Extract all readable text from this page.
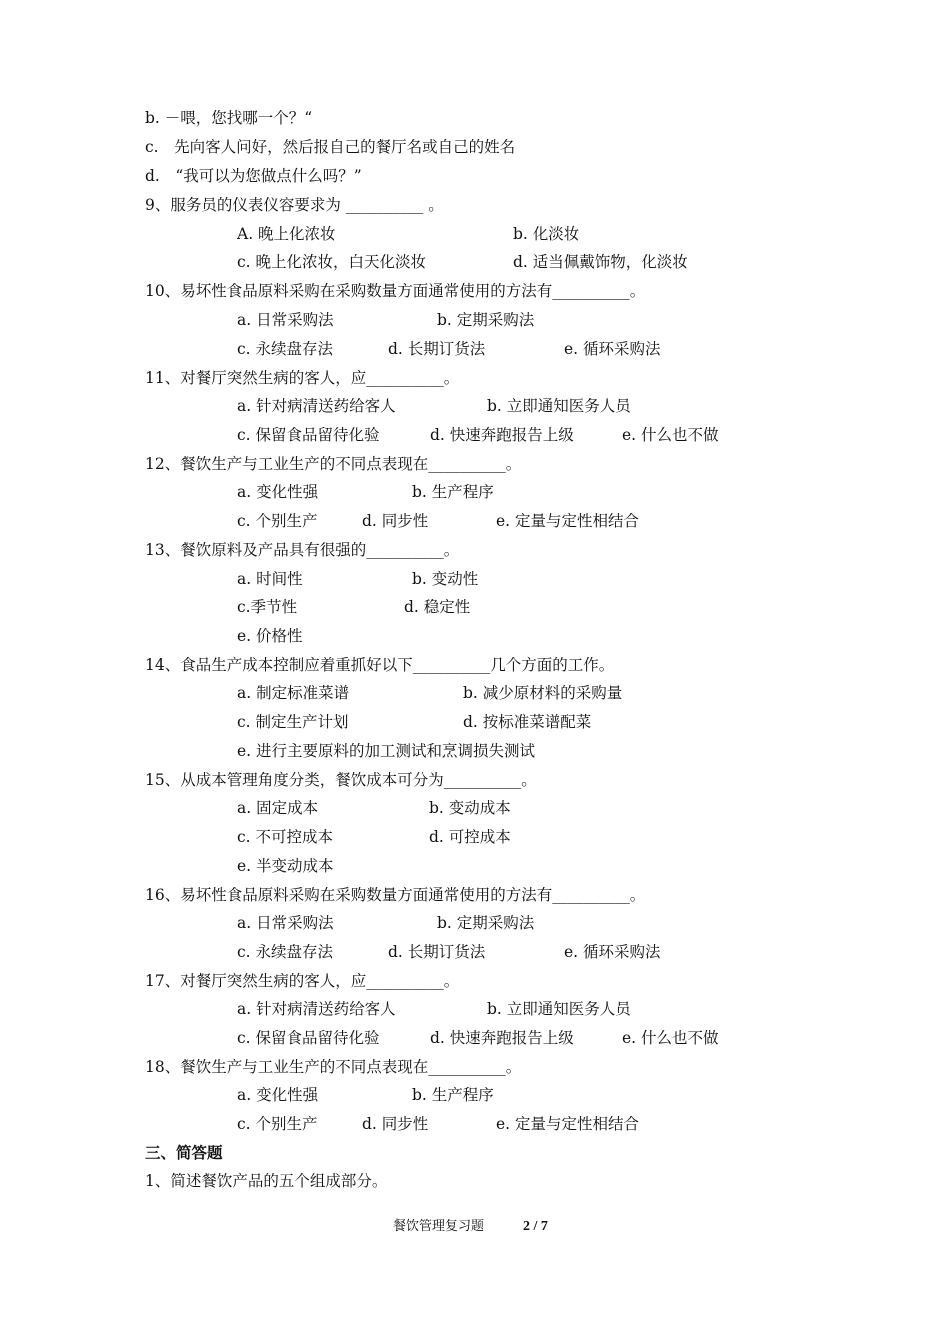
b. －喂，您找哪一个？“
c.　先向客人问好，然后报自己的餐厅名或自己的姓名
d.　“我可以为您做点什么吗？”
9、服务员的仪表仪容要求为 __________ 。
A. 晚上化浓妆	b. 化淡妆
c. 晚上化浓妆，白天化淡妆	d. 适当佩戴饰物，化淡妆
10、易坏性食品原料采购在采购数量方面通常使用的方法有__________。
a. 日常采购法	b. 定期采购法
c. 永续盘存法	d. 长期订货法	e. 循环采购法
11、对餐厅突然生病的客人，应__________。
a. 针对病清送药给客人	b. 立即通知医务人员
c. 保留食品留待化验	d. 快速奔跑报告上级	e. 什么也不做
12、餐饮生产与工业生产的不同点表现在__________。
a. 变化性强	b. 生产程序
c. 个别生产	d. 同步性	e. 定量与定性相结合
13、餐饮原料及产品具有很强的__________。
a. 时间性	b. 变动性
c.季节性	d. 稳定性
e. 价格性
14、食品生产成本控制应着重抓好以下__________几个方面的工作。
a. 制定标准菜谱	b. 减少原材料的采购量
c. 制定生产计划	d. 按标准菜谱配菜
e. 进行主要原料的加工测试和烹调损失测试
15、从成本管理角度分类，餐饮成本可分为__________。
a. 固定成本	b. 变动成本
c. 不可控成本	d. 可控成本
e. 半变动成本
16、易坏性食品原料采购在采购数量方面通常使用的方法有__________。
a. 日常采购法	b. 定期采购法
c. 永续盘存法	d. 长期订货法	e. 循环采购法
17、对餐厅突然生病的客人，应__________。
a. 针对病清送药给客人	b. 立即通知医务人员
c. 保留食品留待化验	d. 快速奔跑报告上级	e. 什么也不做
18、餐饮生产与工业生产的不同点表现在__________。
a. 变化性强	b. 生产程序
c. 个别生产	d. 同步性	e. 定量与定性相结合
三、简答题
1、简述餐饮产品的五个组成部分。
餐饮管理复习题	2 / 7
